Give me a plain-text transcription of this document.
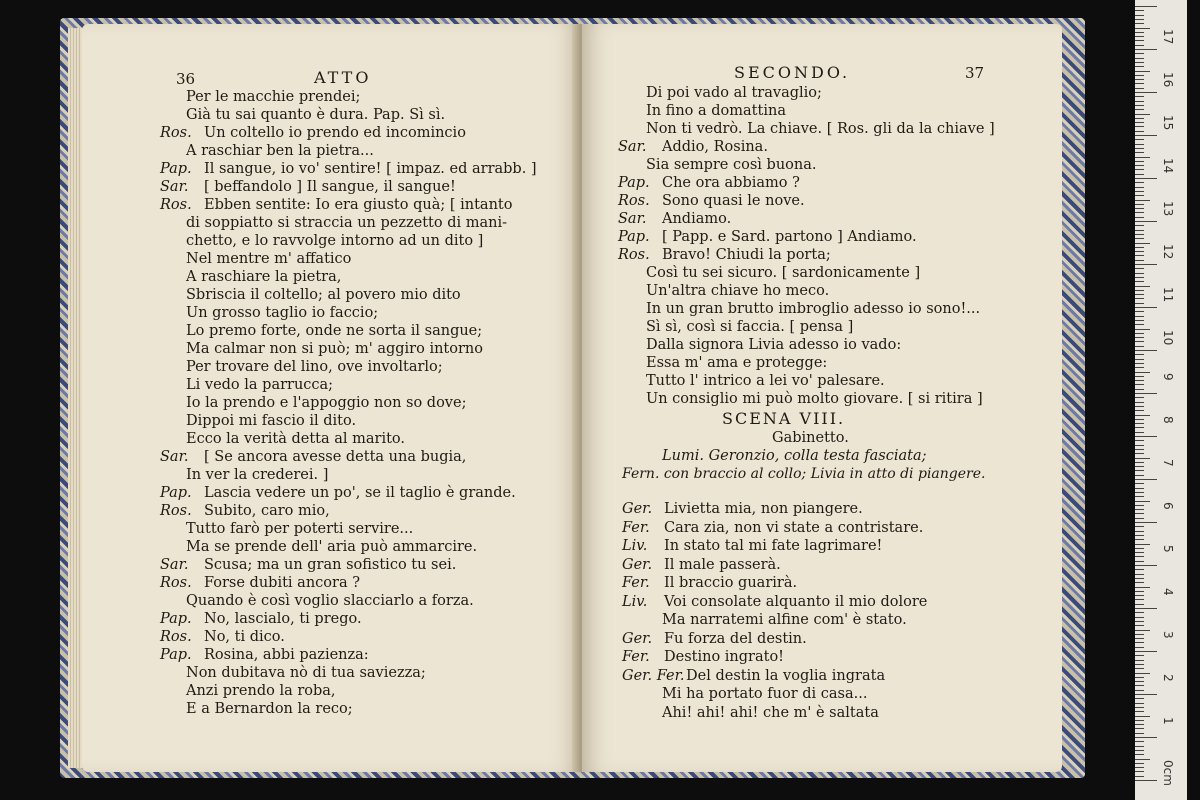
36	ATTO
Per le macchie prendei;
Già tu sai quanto è dura. Pap. Sì sì.
Ros. Un coltello io prendo ed incomincio
A raschiar ben la pietra...
Pap. Il sangue, io vo' sentire! [ impaz. ed arrabb. ]
Sar. [ beffandolo ] Il sangue, il sangue!
Ros. Ebben sentite: Io era giusto quà; [ intanto
di soppiatto si straccia un pezzetto di mani-
chetto, e lo ravvolge intorno ad un dito ]
Nel mentre m' affatico
A raschiare la pietra,
Sbriscia il coltello; al povero mio dito
Un grosso taglio io faccio;
Lo premo forte, onde ne sorta il sangue;
Ma calmar non si può; m' aggiro intorno
Per trovare del lino, ove involtarlo;
Li vedo la parrucca;
Io la prendo e l'appoggio non so dove;
Dippoi mi fascio il dito.
Ecco la verità detta al marito.
Sar. [ Se ancora avesse detta una bugia,
In ver la crederei. ]
Pap. Lascia vedere un po', se il taglio è grande.
Ros. Subito, caro mio,
Tutto farò per poterti servire...
Ma se prende dell' aria può ammarcire.
Sar. Scusa; ma un gran sofistico tu sei.
Ros. Forse dubiti ancora ?
Quando è così voglio slacciarlo a forza.
Pap. No, lascialo, ti prego.
Ros. No, ti dico.
Pap. Rosina, abbi pazienza:
Non dubitava nò di tua saviezza;
Anzi prendo la roba,
E a Bernardon la reco;
SECONDO.	37
Di poi vado al travaglio;
In fino a domattina
Non ti vedrò. La chiave. [ Ros. gli da la chiave ]
Sar. Addio, Rosina.
Sia sempre così buona.
Pap. Che ora abbiamo ?
Ros. Sono quasi le nove.
Sar. Andiamo.
Pap. [ Papp. e Sard. partono ] Andiamo.
Ros. Bravo! Chiudi la porta;
Così tu sei sicuro. [ sardonicamente ]
Un'altra chiave ho meco.
In un gran brutto imbroglio adesso io sono!...
Sì sì, così si faccia. [ pensa ]
Dalla signora Livia adesso io vado:
Essa m' ama e protegge:
Tutto l' intrico a lei vo' palesare.
Un consiglio mi può molto giovare. [ si ritira ]
SCENA VIII.
Gabinetto.
Lumi. Geronzio, colla testa fasciata;
Fern. con braccio al collo; Livia in atto di piangere.
Ger. Livietta mia, non piangere.
Fer. Cara zia, non vi state a contristare.
Liv. In stato tal mi fate lagrimare!
Ger. Il male passerà.
Fer. Il braccio guarirà.
Liv. Voi consolate alquanto il mio dolore
Ma narratemi alfine com' è stato.
Ger. Fu forza del destin.
Fer. Destino ingrato!
Ger. Fer. Del destin la voglia ingrata
Mi ha portato fuor di casa...
Ahi! ahi! ahi! che m' è saltata
0cm
1
2
3
4
5
6
7
8
9
10
11
12
13
14
15
16
17
